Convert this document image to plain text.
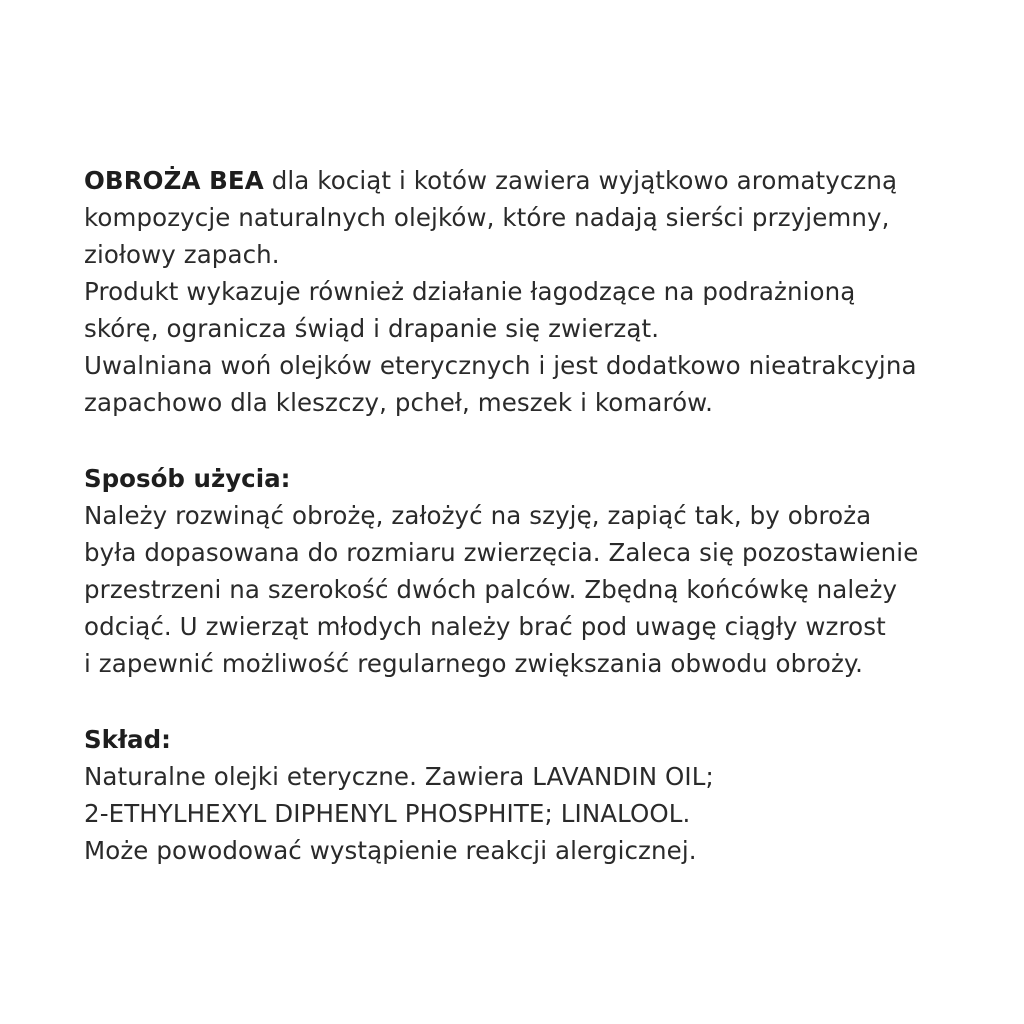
OBROŻA BEA dla kociąt i kotów zawiera wyjątkowo aromatyczną

kompozycje naturalnych olejków, które nadają sierści przyjemny,

ziołowy zapach.

Produkt wykazuje również działanie łagodzące na podrażnioną

skórę, ogranicza świąd i drapanie się zwierząt.

Uwalniana woń olejków eterycznych i jest dodatkowo nieatrakcyjna

zapachowo dla kleszczy, pcheł, meszek i komarów.

Sposób użycia:

Należy rozwinąć obrożę, założyć na szyję, zapiąć tak, by obroża

była dopasowana do rozmiaru zwierzęcia. Zaleca się pozostawienie

przestrzeni na szerokość dwóch palców. Zbędną końcówkę należy

odciąć. U zwierząt młodych należy brać pod uwagę ciągły wzrost

i zapewnić możliwość regularnego zwiększania obwodu obroży.

Skład:

Naturalne olejki eteryczne. Zawiera LAVANDIN OIL;

2-ETHYLHEXYL DIPHENYL PHOSPHITE; LINALOOL.

Może powodować wystąpienie reakcji alergicznej.
